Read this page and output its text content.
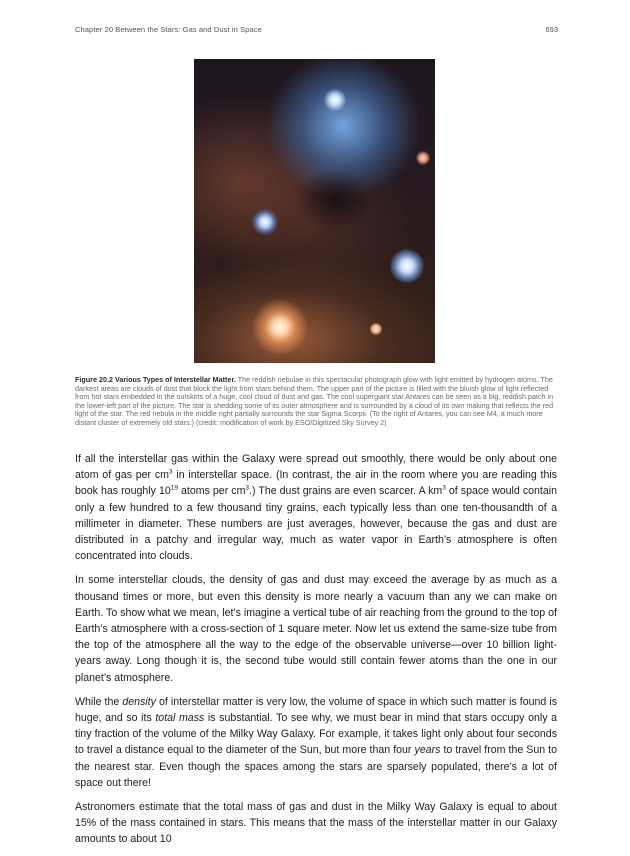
Chapter 20 Between the Stars: Gas and Dust in Space	693
Figure 20.2 Various Types of Interstellar Matter. The reddish nebulae in this spectacular photograph glow with light emitted by hydrogen atoms. The darkest areas are clouds of dust that block the light from stars behind them. The upper part of the picture is filled with the bluish glow of light reflected from hot stars embedded in the outskirts of a huge, cool cloud of dust and gas. The cool supergiant star Antares can be seen as a big, reddish patch in the lower-left part of the picture. The star is shedding some of its outer atmosphere and is surrounded by a cloud of its own making that reflects the red light of the star. The red nebula in the middle right partially surrounds the star Sigma Scorpii. (To the right of Antares, you can see M4, a much more distant cluster of extremely old stars.) (credit: modification of work by ESO/Digitized Sky Survey 2)

If all the interstellar gas within the Galaxy were spread out smoothly, there would be only about one atom of gas per $cm^3$ in interstellar space. (In contrast, the air in the room where you are reading this book has roughly $10^{19}$ atoms per $cm^3$.) The dust grains are even scarcer. A $km^3$ of space would contain only a few hundred to a few thousand tiny grains, each typically less than one ten-thousandth of a millimeter in diameter. These numbers are just averages, however, because the gas and dust are distributed in a patchy and irregular way, much as water vapor in Earth’s atmosphere is often concentrated into clouds.

In some interstellar clouds, the density of gas and dust may exceed the average by as much as a thousand times or more, but even this density is more nearly a vacuum than any we can make on Earth. To show what we mean, let’s imagine a vertical tube of air reaching from the ground to the top of Earth’s atmosphere with a cross-section of 1 square meter. Now let us extend the same-size tube from the top of the atmosphere all the way to the edge of the observable universe—over 10 billion light-years away. Long though it is, the second tube would still contain fewer atoms than the one in our planet’s atmosphere.

While the density of interstellar matter is very low, the volume of space in which such matter is found is huge, and so its total mass is substantial. To see why, we must bear in mind that stars occupy only a tiny fraction of the volume of the Milky Way Galaxy. For example, it takes light only about four seconds to travel a distance equal to the diameter of the Sun, but more than four years to travel from the Sun to the nearest star. Even though the spaces among the stars are sparsely populated, there’s a lot of space out there!

Astronomers estimate that the total mass of gas and dust in the Milky Way Galaxy is equal to about 15% of the mass contained in stars. This means that the mass of the interstellar matter in our Galaxy amounts to about 10
